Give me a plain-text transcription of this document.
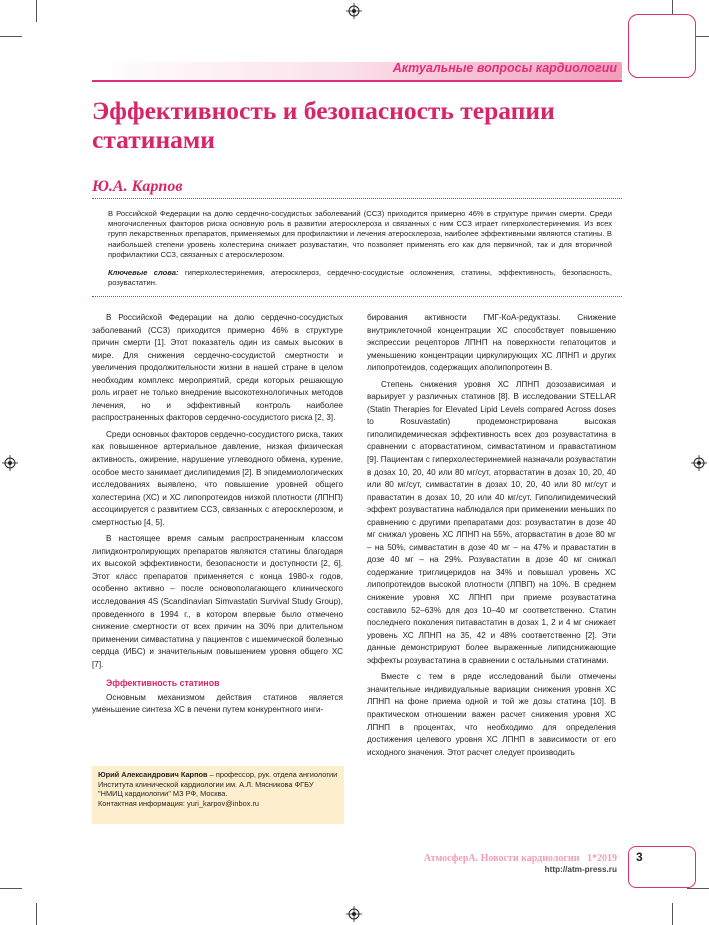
Актуальные вопросы кардиологии
Эффективность и безопасность терапии статинами
Ю.А. Карпов

В Российской Федерации на долю сердечно-сосудистых заболеваний (ССЗ) приходится примерно 46% в структуре причин смерти. Среди многочисленных факторов риска основную роль в развитии атеросклероза и связанных с ним ССЗ играет гиперхолестеринемия. Из всех групп лекарственных препаратов, применяемых для профилактики и лечения атеросклероза, наиболее эффективными являются статины. В наибольшей степени уровень холестерина снижает розувастатин, что позволяет применять его как для первичной, так и для вторичной профилактики ССЗ, связанных с атеросклерозом.

Ключевые слова: гиперхолестеринемия, атеросклероз, сердечно-сосудистые осложнения, статины, эффективность, безопасность, розувастатин.

В Российской Федерации на долю сердечно-сосудистых заболеваний (ССЗ) приходится примерно 46% в структуре причин смерти [1]. Этот показатель один из самых высоких в мире. Для снижения сердечно-сосудистой смертности и увеличения продолжительности жизни в нашей стране в целом необходим комплекс мероприятий, среди которых решающую роль играет не только внедрение высокотехнологичных методов лечения, но и эффективный контроль наиболее распространенных факторов сердечно-сосудистого риска [2, 3].

Среди основных факторов сердечно-сосудистого риска, таких как повышенное артериальное давление, низкая физическая активность, ожирение, нарушение углеводного обмена, курение, особое место занимает дислипидемия [2]. В эпидемиологических исследованиях выявлено, что повышение уровней общего холестерина (ХС) и ХС липопротеидов низкой плотности (ЛПНП) ассоциируется с развитием ССЗ, связанных с атеросклерозом, и смертностью [4, 5].

В настоящее время самым распространенным классом липидконтролирующих препаратов являются статины благодаря их высокой эффективности, безопасности и доступности [2, 6]. Этот класс препаратов применяется с конца 1980-х годов, особенно активно – после основополагающего клинического исследования 4S (Scandinavian Simvastatin Survival Study Group), проведенного в 1994 г., в котором впервые было отмечено снижение смертности от всех причин на 30% при длительном применении симвастатина у пациентов с ишемической болезнью сердца (ИБС) и значительным повышением уровня общего ХС [7].

Эффективность статинов

Основным механизмом действия статинов является уменьшение синтеза ХС в печени путем конкурентного инги-

бирования активности ГМГ-КоА-редуктазы. Снижение внутриклеточной концентрации ХС способствует повышению экспрессии рецепторов ЛПНП на поверхности гепатоцитов и уменьшению концентрации циркулирующих ХС ЛПНП и других липопротеидов, содержащих аполипопротеин В.

Степень снижения уровня ХС ЛПНП дозозависимая и варьирует у различных статинов [8]. В исследовании STELLAR (Statin Therapies for Elevated Lipid Levels compared Across doses to Rosuvastatin) продемонстрирована высокая гиполипидемическая эффективность всех доз розувастатина в сравнении с аторвастатином, симвастатином и правастатином [9]. Пациентам с гиперхолестеринемией назначали розувастатин в дозах 10, 20, 40 или 80 мг/сут, аторвастатин в дозах 10, 20, 40 или 80 мг/сут, симвастатин в дозах 10, 20, 40 или 80 мг/сут и правастатин в дозах 10, 20 или 40 мг/сут. Гиполипидемический эффект розувастатина наблюдался при применении меньших по сравнению с другими препаратами доз: розувастатин в дозе 40 мг снижал уровень ХС ЛПНП на 55%, аторвастатин в дозе 80 мг – на 50%, симвастатин в дозе 40 мг – на 47% и правастатин в дозе 40 мг – на 29%. Розувастатин в дозе 40 мг снижал содержание триглицеридов на 34% и повышал уровень ХС липопротеидов высокой плотности (ЛПВП) на 10%. В среднем снижение уровня ХС ЛПНП при приеме розувастатина составило 52–63% для доз 10–40 мг соответственно. Статин последнего поколения питавастатин в дозах 1, 2 и 4 мг снижает уровень ХС ЛПНП на 35, 42 и 48% соответственно [2]. Эти данные демонстрируют более выраженные липидснижающие эффекты розувастатина в сравнении с остальными статинами.

Вместе с тем в ряде исследований были отмечены значительные индивидуальные вариации снижения уровня ХС ЛПНП на фоне приема одной и той же дозы статина [10]. В практическом отношении важен расчет снижения уровня ХС ЛПНП в процентах, что необходимо для определения достижения целевого уровня ХС ЛПНП в зависимости от его исходного значения. Этот расчет следует производить

Юрий Александрович Карпов – профессор, рук. отдела ангиологии Института клинической кардиологии им. А.Л. Мясникова ФГБУ "НМИЦ кардиологии" МЗ РФ, Москва.
Контактная информация: yuri_karpov@inbox.ru
АтмосферА. Новости кардиологии 1*2019
http://atm-press.ru
3
